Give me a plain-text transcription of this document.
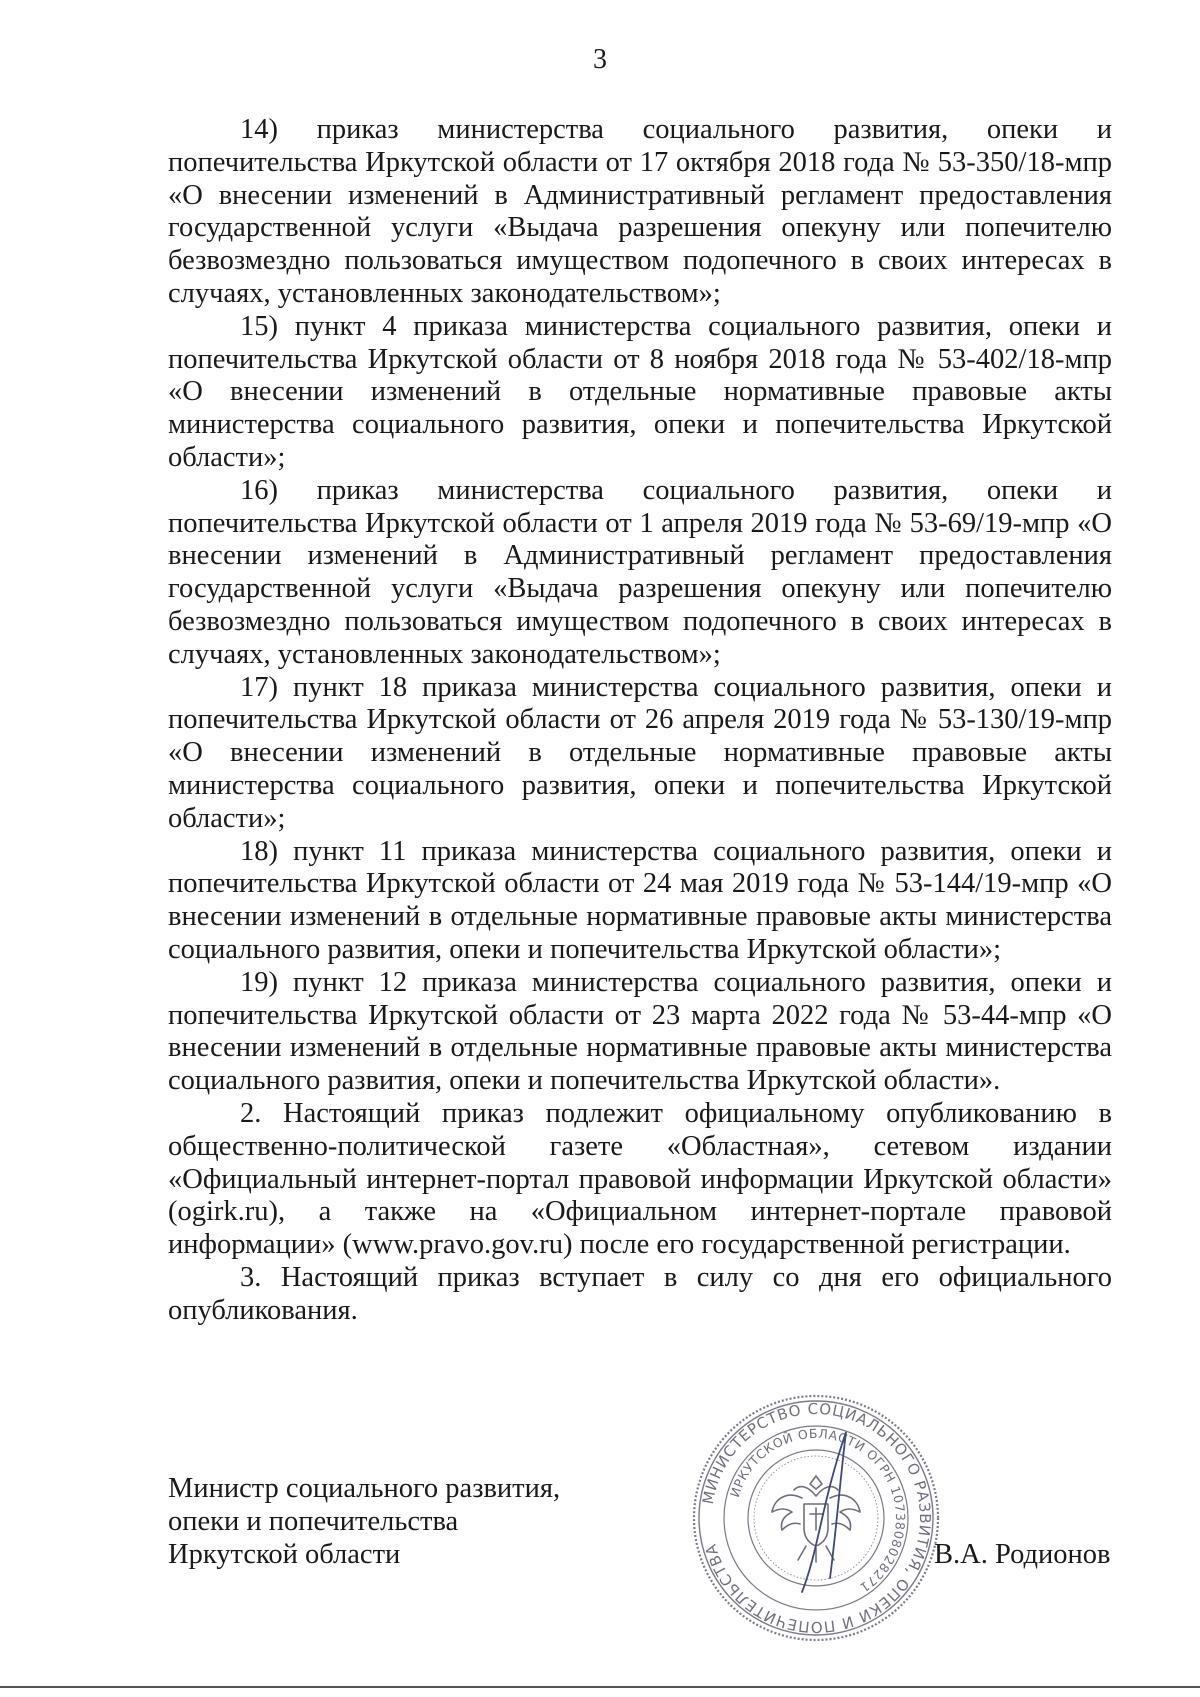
3

14) приказ министерства социального развития, опеки и попечительства Иркутской области от 17 октября 2018 года № 53-350/18-мпр «О внесении изменений в Административный регламент предоставления государственной услуги «Выдача разрешения опекуну или попечителю безвозмездно пользоваться имуществом подопечного в своих интересах в случаях, установленных законодательством»;

15) пункт 4 приказа министерства социального развития, опеки и попечительства Иркутской области от 8 ноября 2018 года № 53-402/18-мпр «О внесении изменений в отдельные нормативные правовые акты министерства социального развития, опеки и попечительства Иркутской области»;

16) приказ министерства социального развития, опеки и попечительства Иркутской области от 1 апреля 2019 года № 53-69/19-мпр «О внесении изменений в Административный регламент предоставления государственной услуги «Выдача разрешения опекуну или попечителю безвозмездно пользоваться имуществом подопечного в своих интересах в случаях, установленных законодательством»;

17) пункт 18 приказа министерства социального развития, опеки и попечительства Иркутской области от 26 апреля 2019 года № 53-130/19-мпр «О внесении изменений в отдельные нормативные правовые акты министерства социального развития, опеки и попечительства Иркутской области»;

18) пункт 11 приказа министерства социального развития, опеки и попечительства Иркутской области от 24 мая 2019 года № 53-144/19-мпр «О внесении изменений в отдельные нормативные правовые акты министерства социального развития, опеки и попечительства Иркутской области»;

19) пункт 12 приказа министерства социального развития, опеки и попечительства Иркутской области от 23 марта 2022 года № 53-44-мпр «О внесении изменений в отдельные нормативные правовые акты министерства социального развития, опеки и попечительства Иркутской области».

2. Настоящий приказ подлежит официальному опубликованию в общественно-политической газете «Областная», сетевом издании «Официальный интернет-портал правовой информации Иркутской области» (ogirk.ru), а также на «Официальном интернет-портале правовой информации» (www.pravo.gov.ru) после его государственной регистрации.

3. Настоящий приказ вступает в силу со дня его официального опубликования.

Министр социального развития,
опеки и попечительства
Иркутской области
МИНИСТЕРСТВО СОЦИАЛЬНОГО РАЗВИТИЯ, ОПЕКИ И ПОПЕЧИТЕЛЬСТВА
ИРКУТСКОЙ ОБЛАСТИ ОГРН 1073808028271
В.А. Родионов
